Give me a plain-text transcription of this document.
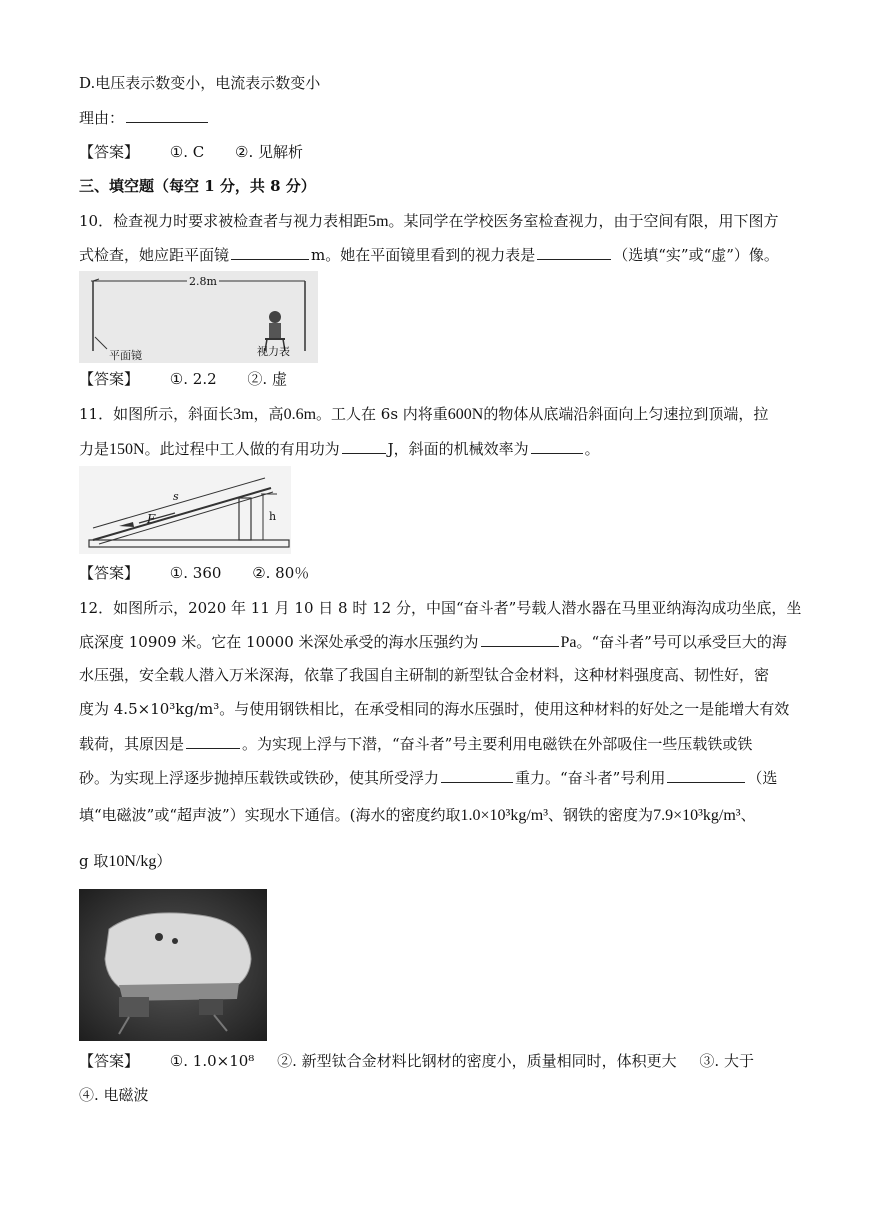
D.电压表示数变小，电流表示数变小
理由：
【答案】 ①. C ②. 见解析
三、填空题（每空 1 分，共 8 分）
10．检查视力时要求被检查者与视力表相距5m。某同学在学校医务室检查视力，由于空间有限，用下图方
式检查，她应距平面镜	m。她在平面镜里看到的视力表是	（选填“实”或“虚”）像。
2.8m
平面镜	视力表
【答案】 ①. 2.2 ②. 虚
11．如图所示，斜面长3m，高0.6m。工人在 6s 内将重600N的物体从底端沿斜面向上匀速拉到顶端，拉
力是150N。此过程中工人做的有用功为	J，斜面的机械效率为	。
s
F	h
【答案】 ①. 360 ②. 80％
12．如图所示，2020 年 11 月 10 日 8 时 12 分，中国“奋斗者”号载人潜水器在马里亚纳海沟成功坐底，坐
底深度 10909 米。它在 10000 米深处承受的海水压强约为	Pa。“奋斗者”号可以承受巨大的海
水压强，安全载人潜入万米深海，依靠了我国自主研制的新型钛合金材料，这种材料强度高、韧性好，密
度为 4.5×10³kg/m³。与使用钢铁相比，在承受相同的海水压强时，使用这种材料的好处之一是能增大有效
载荷，其原因是	。为实现上浮与下潜，“奋斗者”号主要利用电磁铁在外部吸住一些压载铁或铁
砂。为实现上浮逐步抛掉压载铁或铁砂，使其所受浮力	重力。“奋斗者”号利用	（选
填“电磁波”或“超声波”）实现水下通信。(海水的密度约取1.0×10³kg/m³、钢铁的密度为7.9×10³kg/m³、
g 取10N/kg）
【答案】 ①. 1.0×10⁸ ②. 新型钛合金材料比钢材的密度小，质量相同时，体积更大 ③. 大于
④. 电磁波
